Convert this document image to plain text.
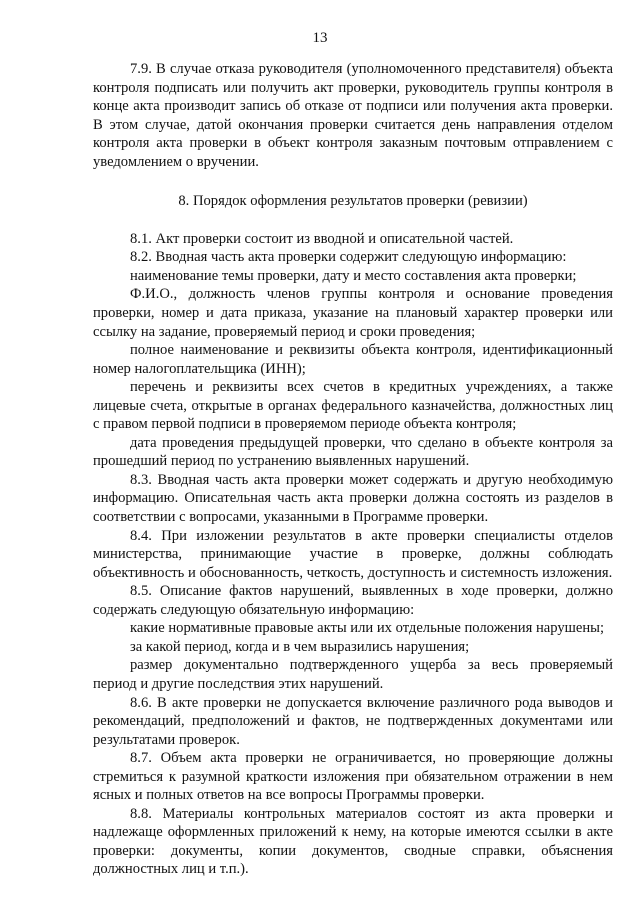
13

7.9. В случае отказа руководителя (уполномоченного представителя) объекта контроля подписать или получить акт проверки, руководитель группы контроля в конце акта производит запись об отказе от подписи или получения акта проверки. В этом случае, датой окончания проверки считается день направления отделом контроля акта проверки в объект контроля заказным почтовым отправлением с уведомлением о вручении.

8. Порядок оформления результатов проверки (ревизии)

8.1. Акт проверки состоит из вводной и описательной частей.

8.2. Вводная часть акта проверки содержит следующую информацию:

наименование темы проверки, дату и место составления акта проверки;

Ф.И.О., должность членов группы контроля и основание проведения проверки, номер и дата приказа, указание на плановый характер проверки или ссылку на задание, проверяемый период и сроки проведения;

полное наименование и реквизиты объекта контроля, идентификационный номер налогоплательщика (ИНН);

перечень и реквизиты всех счетов в кредитных учреждениях, а также лицевые счета, открытые в органах федерального казначейства, должностных лиц с правом первой подписи в проверяемом периоде объекта контроля;

дата проведения предыдущей проверки, что сделано в объекте контроля за прошедший период по устранению выявленных нарушений.

8.3. Вводная часть акта проверки может содержать и другую необходимую информацию. Описательная часть акта проверки должна состоять из разделов в соответствии с вопросами, указанными в Программе проверки.

8.4. При изложении результатов в акте проверки специалисты отделов министерства, принимающие участие в проверке, должны соблюдать объективность и обоснованность, четкость, доступность и системность изложения.

8.5. Описание фактов нарушений, выявленных в ходе проверки, должно содержать следующую обязательную информацию:

какие нормативные правовые акты или их отдельные положения нарушены;

за какой период, когда и в чем выразились нарушения;

размер документально подтвержденного ущерба за весь проверяемый период и другие последствия этих нарушений.

8.6. В акте проверки не допускается включение различного рода выводов и рекомендаций, предположений и фактов, не подтвержденных документами или результатами проверок.

8.7. Объем акта проверки не ограничивается, но проверяющие должны стремиться к разумной краткости изложения при обязательном отражении в нем ясных и полных ответов на все вопросы Программы проверки.

8.8. Материалы контрольных материалов состоят из акта проверки и надлежаще оформленных приложений к нему, на которые имеются ссылки в акте проверки: документы, копии документов, сводные справки, объяснения должностных лиц и т.п.).
